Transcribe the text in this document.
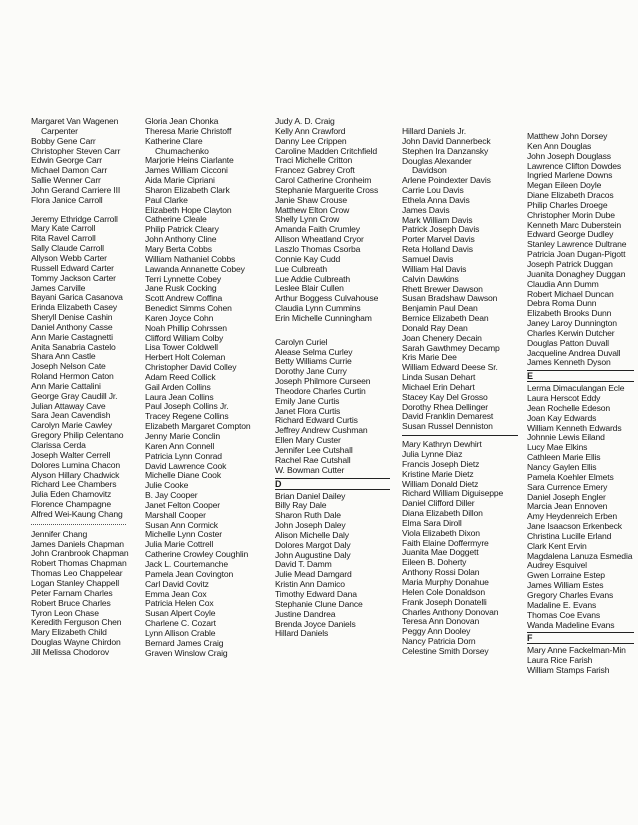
Margaret Van Wagenen
Carpenter
Bobby Gene Carr
Christopher Steven Carr
Edwin George Carr
Michael Damon Carr
Sallie Wenner Carr
John Gerand Carriere III
Flora Janice Carroll
Jeremy Ethridge Carroll
Mary Kate Carroll
Rita Ravel Carroll
Sally Claude Carroll
Allyson Webb Carter
Russell Edward Carter
Tommy Jackson Carter
James Carville
Bayani Garica Casanova
Erinda Elizabeth Casey
Sheryll Denise Cashin
Daniel Anthony Casse
Ann Marie Castagnetti
Anita Sanabria Castelo
Shara Ann Castle
Joseph Nelson Cate
Roland Hermon Caton
Ann Marie Cattalini
George Gray Caudill Jr.
Julian Attaway Cave
Sara Jean Cavendish
Carolyn Marie Cawley
Gregory Philip Celentano
Clarissa Cerda
Joseph Walter Cerrell
Dolores Lumina Chacon
Alyson Hillary Chadwick
Richard Lee Chambers
Julia Eden Chamovitz
Florence Champagne
Alfred Wei-Kaung Chang
Jennifer Chang
James Daniels Chapman
John Cranbrook Chapman
Robert Thomas Chapman
Thomas Leo Chappelear
Logan Stanley Chappell
Peter Farnam Charles
Robert Bruce Charles
Tyron Leon Chase
Keredith Ferguson Chen
Mary Elizabeth Child
Douglas Wayne Chirdon
Jill Melissa Chodorov
Gloria Jean Chonka
Theresa Marie Christoff
Katherine Clare
Chumachenko
Marjorie Heins Ciarlante
James William Cicconi
Aida Marie Cipriani
Sharon Elizabeth Clark
Paul Clarke
Elizabeth Hope Clayton
Catherine Cleale
Philip Patrick Cleary
John Anthony Cline
Mary Berta Cobbs
William Nathaniel Cobbs
Lawanda Annanette Cobey
Terri Lynnette Cobey
Jane Rusk Cocking
Scott Andrew Coffina
Benedict Simms Cohen
Karen Joyce Cohn
Noah Phillip Cohrssen
Clifford William Colby
Lisa Tower Coldwell
Herbert Holt Coleman
Christopher David Colley
Adam Reed Collick
Gail Arden Collins
Laura Jean Collins
Paul Joseph Collins Jr.
Tracey Regene Collins
Elizabeth Margaret Compton
Jenny Marie Conclin
Karen Ann Connell
Patricia Lynn Conrad
David Lawrence Cook
Michelle Diane Cook
Julie Cooke
B. Jay Cooper
Janet Felton Cooper
Marshall Cooper
Susan Ann Cormick
Michelle Lynn Coster
Julia Marie Cottrell
Catherine Crowley Coughlin
Jack L. Courtemanche
Pamela Jean Covington
Carl David Covitz
Emma Jean Cox
Patricia Helen Cox
Susan Alpert Coyle
Charlene C. Cozart
Lynn Allison Crable
Bernard James Craig
Graven Winslow Craig
Judy A. D. Craig
Kelly Ann Crawford
Danny Lee Crippen
Caroline Madden Critchfield
Traci Michelle Critton
Francez Gabrey Croft
Carol Catherine Cronheim
Stephanie Marguerite Cross
Janie Shaw Crouse
Matthew Elton Crow
Shelly Lynn Crow
Amanda Faith Crumley
Allison Wheatland Cryor
Laszlo Thomas Csorba
Connie Kay Cudd
Lue Culbreath
Lue Addie Culbreath
Leslee Blair Cullen
Arthur Boggess Culvahouse
Claudia Lynn Cummins
Erin Michelle Cunningham
Carolyn Curiel
Alease Selma Curley
Betty Williams Currie
Dorothy Jane Curry
Joseph Philmore Curseen
Theodore Charles Curtin
Emily Jane Curtis
Janet Flora Curtis
Richard Edward Curtis
Jeffrey Andrew Cushman
Ellen Mary Custer
Jennifer Lee Cutshall
Rachel Rae Cutshall
W. Bowman Cutter
D
Brian Daniel Dailey
Billy Ray Dale
Sharon Ruth Dale
John Joseph Daley
Alison Michelle Daly
Dolores Margot Daly
John Augustine Daly
David T. Damm
Julie Mead Damgard
Kristin Ann Damico
Timothy Edward Dana
Stephanie Clune Dance
Justine Dandrea
Brenda Joyce Daniels
Hillard Daniels
Hillard Daniels Jr.
John David Dannerbeck
Stephen Ira Danzansky
Douglas Alexander
Davidson
Arlene Poindexter Davis
Carrie Lou Davis
Ethela Anna Davis
James Davis
Mark William Davis
Patrick Joseph Davis
Porter Marvel Davis
Reta Holland Davis
Samuel Davis
William Hal Davis
Calvin Dawkins
Rhett Brewer Dawson
Susan Bradshaw Dawson
Benjamin Paul Dean
Bernice Elizabeth Dean
Donald Ray Dean
Joan Chenery Decain
Sarah Gawthmey Decamp
Kris Marie Dee
William Edward Deese Sr.
Linda Susan Dehart
Michael Erin Dehart
Stacey Kay Del Grosso
Dorothy Rhea Dellinger
David Franklin Demarest
Susan Russel Denniston
Mary Kathryn Dewhirt
Julia Lynne Diaz
Francis Joseph Dietz
Kristine Marie Dietz
William Donald Dietz
Richard William Diguiseppe
Daniel Clifford Diller
Diana Elizabeth Dillon
Elma Sara Diroll
Viola Elizabeth Dixon
Faith Elaine Doffermyre
Juanita Mae Doggett
Eileen B. Doherty
Anthony Rossi Dolan
Maria Murphy Donahue
Helen Cole Donaldson
Frank Joseph Donatelli
Charles Anthony Donovan
Teresa Ann Donovan
Peggy Ann Dooley
Nancy Patricia Dorn
Celestine Smith Dorsey
Matthew John Dorsey
Ken Ann Douglas
John Joseph Douglass
Lawrence Clifton Dowdes
Ingried Marlene Downs
Megan Eileen Doyle
Diane Elizabeth Dracos
Philip Charles Droege
Christopher Morin Dube
Kenneth Marc Duberstein
Edward George Dudley
Stanley Lawrence Dultrane
Patricia Joan Dugan-Pigott
Joseph Patrick Duggan
Juanita Donaghey Duggan
Claudia Ann Dumm
Robert Michael Duncan
Debra Roma Dunn
Elizabeth Brooks Dunn
Janey Laroy Dunnington
Charles Kerwin Dutcher
Douglas Patton Duvall
Jacqueline Andrea Duvall
James Kenneth Dyson
E
Lerma Dimaculangan Ecle
Laura Herscot Eddy
Jean Rochelle Edeson
Joan Kay Edwards
William Kenneth Edwards
Johnnie Lewis Eiland
Lucy Mae Elkins
Cathleen Marie Ellis
Nancy Gaylen Ellis
Pamela Koehler Elmets
Sara Currence Emery
Daniel Joseph Engler
Marcia Jean Ennoven
Amy Heydenreich Erben
Jane Isaacson Erkenbeck
Christina Lucille Erland
Clark Kent Ervin
Magdalena Lanuza Esmedia
Audrey Esquivel
Gwen Lorraine Estep
James William Estes
Gregory Charles Evans
Madaline E. Evans
Thomas Coe Evans
Wanda Madeline Evans
F
Mary Anne Fackelman-Min
Laura Rice Farish
William Stamps Farish
